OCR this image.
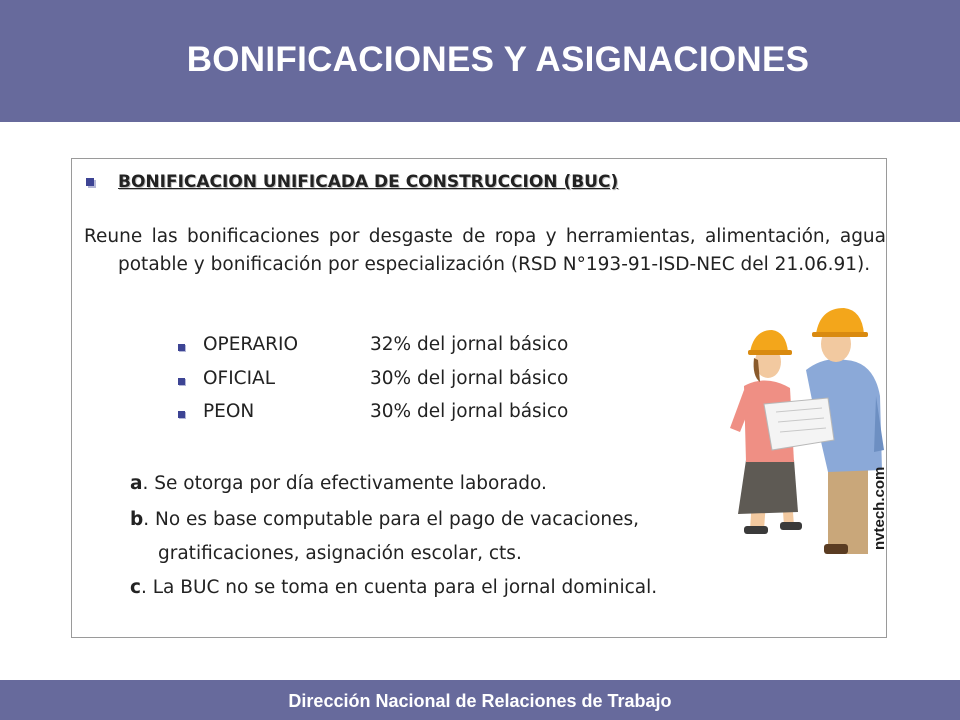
BONIFICACIONES Y ASIGNACIONES
BONIFICACION UNIFICADA DE CONSTRUCCION (BUC)
Reune las bonificaciones por desgaste de ropa y herramientas, alimentación, agua potable y bonificación por especialización (RSD N°193-91-ISD-NEC del 21.06.91).
OPERARIO	32% del jornal básico
OFICIAL	30% del jornal básico
PEON	30% del jornal básico
a. Se otorga por día efectivamente laborado.
b. No es base computable para el pago de vacaciones,
gratificaciones, asignación escolar, cts.
c. La BUC no se toma en cuenta para el jornal dominical.
nvtech.com
Dirección Nacional de Relaciones de Trabajo
